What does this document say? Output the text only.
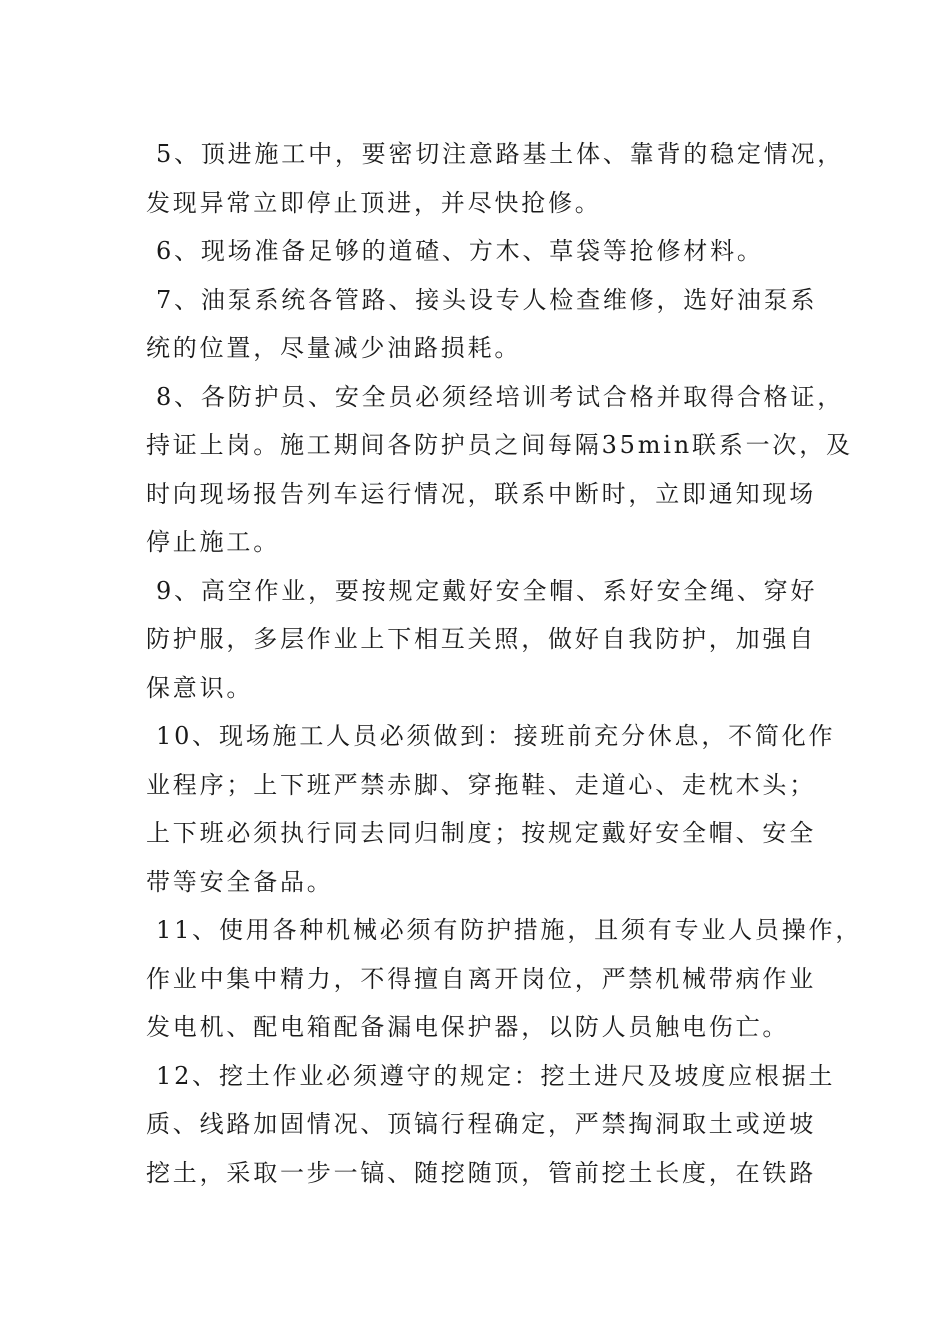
5、顶进施工中，要密切注意路基土体、靠背的稳定情况，
发现异常立即停止顶进，并尽快抢修。
6、现场准备足够的道碴、方木、草袋等抢修材料。
7、油泵系统各管路、接头设专人检查维修，选好油泵系
统的位置，尽量减少油路损耗。
8、各防护员、安全员必须经培训考试合格并取得合格证，
持证上岗。施工期间各防护员之间每隔35min联系一次，及
时向现场报告列车运行情况，联系中断时，立即通知现场
停止施工。
9、高空作业，要按规定戴好安全帽、系好安全绳、穿好
防护服，多层作业上下相互关照，做好自我防护，加强自
保意识。
10、现场施工人员必须做到：接班前充分休息，不简化作
业程序；上下班严禁赤脚、穿拖鞋、走道心、走枕木头；
上下班必须执行同去同归制度；按规定戴好安全帽、安全
带等安全备品。
11、使用各种机械必须有防护措施，且须有专业人员操作，
作业中集中精力，不得擅自离开岗位，严禁机械带病作业
发电机、配电箱配备漏电保护器，以防人员触电伤亡。
12、挖土作业必须遵守的规定：挖土进尺及坡度应根据土
质、线路加固情况、顶镐行程确定，严禁掏洞取土或逆坡
挖土，采取一步一镐、随挖随顶，管前挖土长度，在铁路
